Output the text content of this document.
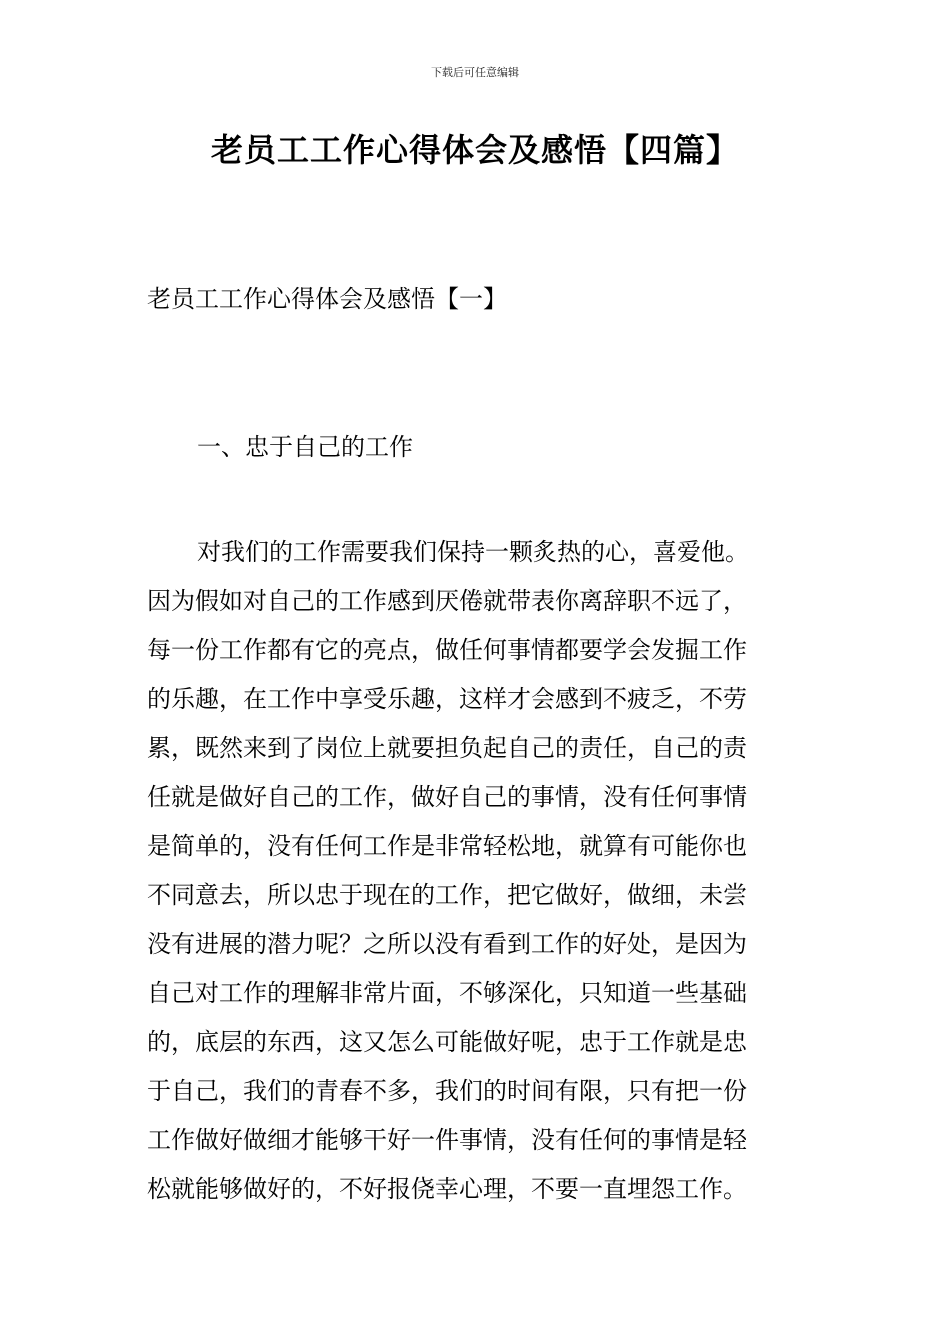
下载后可任意编辑
老员工工作心得体会及感悟【四篇】
老员工工作心得体会及感悟【一】
一、忠于自己的工作

对我们的工作需要我们保持一颗炙热的心，喜爱他。
因为假如对自己的工作感到厌倦就带表你离辞职不远了，
每一份工作都有它的亮点，做任何事情都要学会发掘工作
的乐趣，在工作中享受乐趣，这样才会感到不疲乏，不劳
累，既然来到了岗位上就要担负起自己的责任，自己的责
任就是做好自己的工作，做好自己的事情，没有任何事情
是简单的，没有任何工作是非常轻松地，就算有可能你也
不同意去，所以忠于现在的工作，把它做好，做细，未尝
没有进展的潜力呢？之所以没有看到工作的好处，是因为
自己对工作的理解非常片面，不够深化，只知道一些基础
的，底层的东西，这又怎么可能做好呢，忠于工作就是忠
于自己，我们的青春不多，我们的时间有限，只有把一份
工作做好做细才能够干好一件事情，没有任何的事情是轻
松就能够做好的，不好报侥幸心理，不要一直埋怨工作。
